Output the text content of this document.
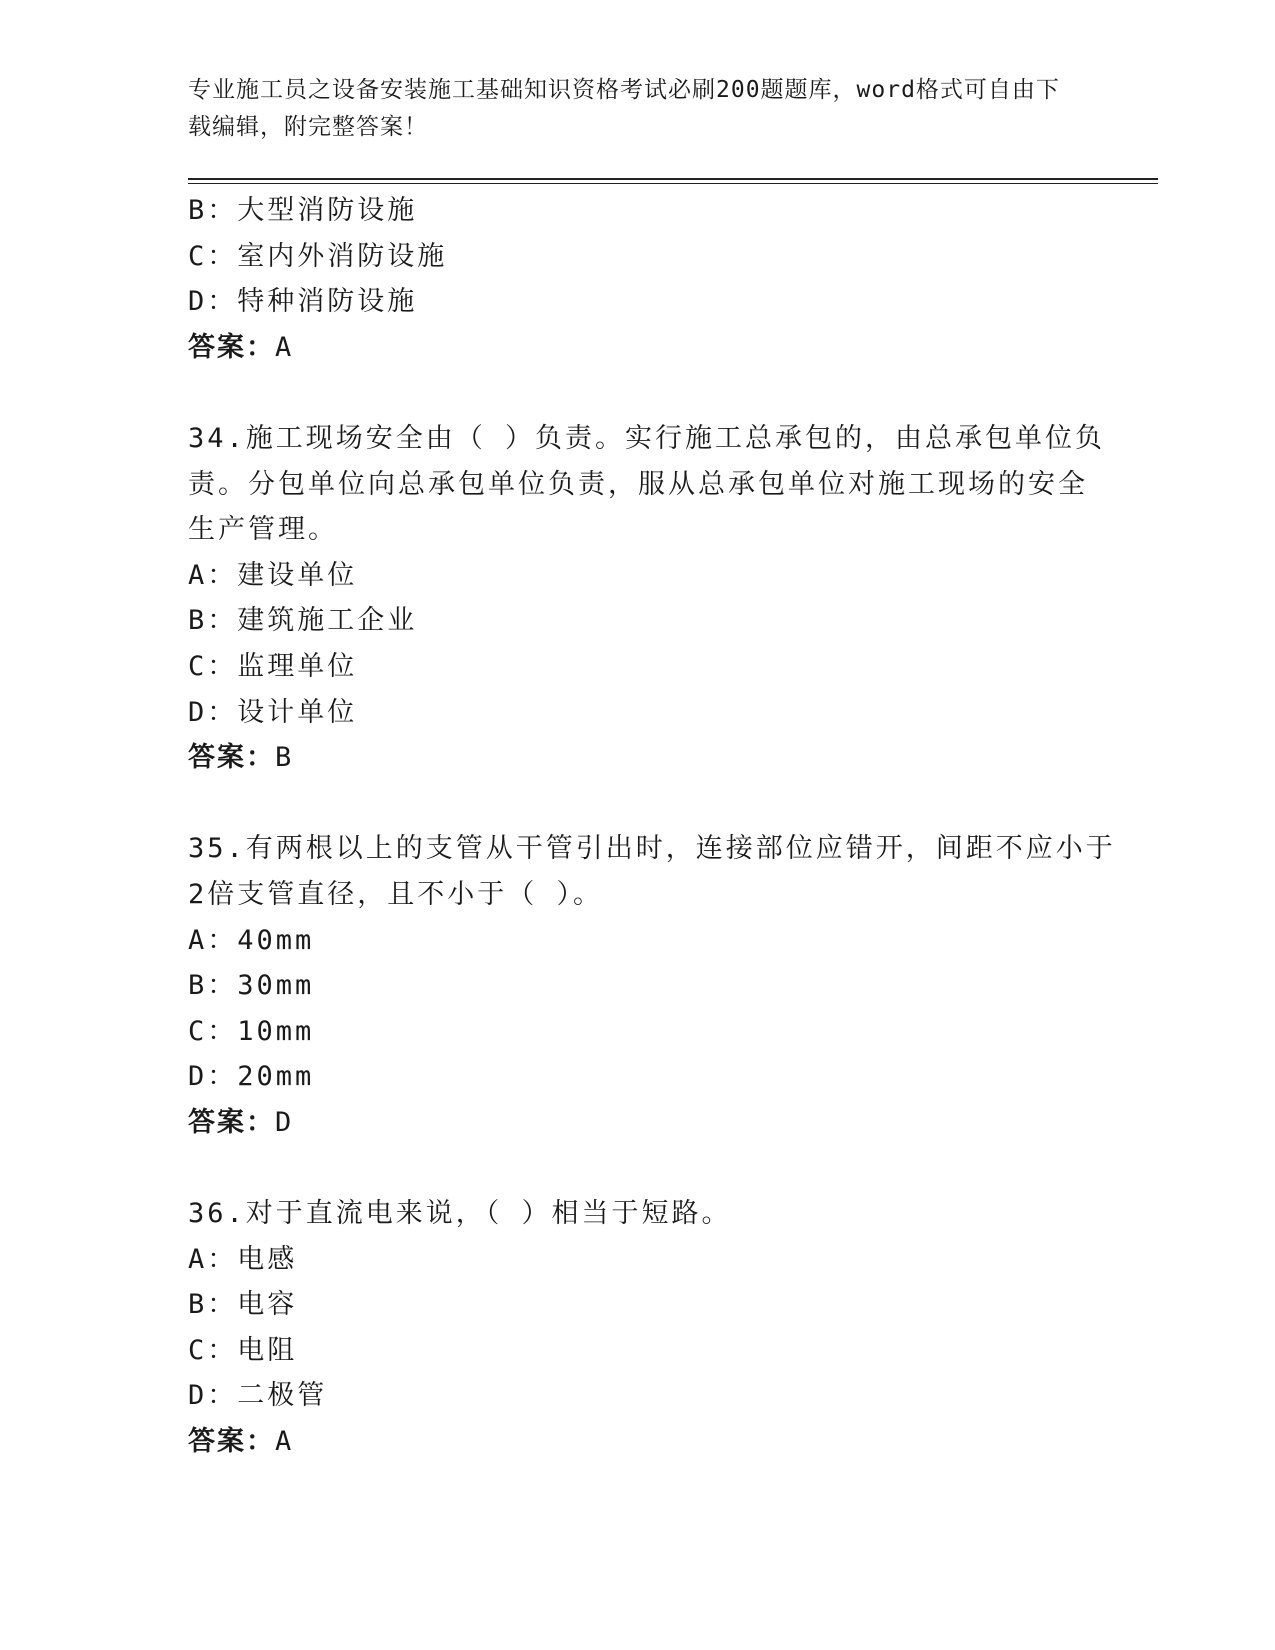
专业施工员之设备安装施工基础知识资格考试必刷200题题库，word格式可自由下载编辑，附完整答案！
B：大型消防设施
C：室内外消防设施
D：特种消防设施
答案：A
34.施工现场安全由（ ）负责。实行施工总承包的，由总承包单位负
责。分包单位向总承包单位负责，服从总承包单位对施工现场的安全
生产管理。
A：建设单位
B：建筑施工企业
C：监理单位
D：设计单位
答案：B
35.有两根以上的支管从干管引出时，连接部位应错开，间距不应小于
2倍支管直径，且不小于（ ）。
A：40mm
B：30mm
C：10mm
D：20mm
答案：D
36.对于直流电来说，（ ）相当于短路。
A：电感
B：电容
C：电阻
D：二极管
答案：A
